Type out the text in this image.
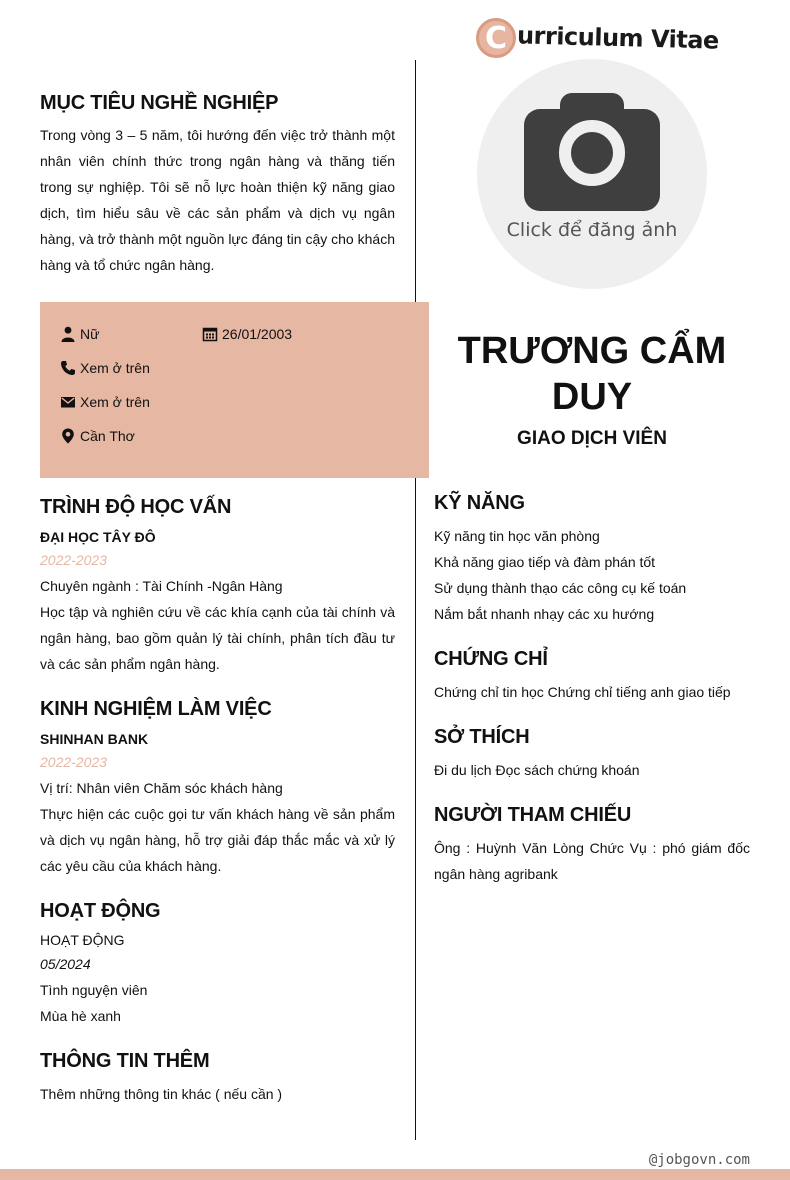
C urriculum Vitae
Click để đăng ảnh
MỤC TIÊU NGHỀ NGHIỆP
Trong vòng 3 – 5 năm, tôi hướng đến việc trở thành một nhân viên chính thức trong ngân hàng và thăng tiến trong sự nghiệp. Tôi sẽ nỗ lực hoàn thiện kỹ năng giao dịch, tìm hiểu sâu về các sản phẩm và dịch vụ ngân hàng, và trở thành một nguồn lực đáng tin cậy cho khách hàng và tổ chức ngân hàng.
Nữ	26/01/2003
Xem ở trên
Xem ở trên
Cần Thơ
TRƯƠNG CẨM DUY
GIAO DỊCH VIÊN
TRÌNH ĐỘ HỌC VẤN
ĐẠI HỌC TÂY ĐÔ
2022-2023
Chuyên ngành : Tài Chính -Ngân Hàng
Học tập và nghiên cứu về các khía cạnh của tài chính và ngân hàng, bao gồm quản lý tài chính, phân tích đầu tư và các sản phẩm ngân hàng.
KINH NGHIỆM LÀM VIỆC
SHINHAN BANK
2022-2023
Vị trí: Nhân viên Chăm sóc khách hàng
Thực hiện các cuộc gọi tư vấn khách hàng về sản phẩm và dịch vụ ngân hàng, hỗ trợ giải đáp thắc mắc và xử lý các yêu cầu của khách hàng.
HOẠT ĐỘNG
HOẠT ĐỘNG
05/2024
Tình nguyện viên
Mùa hè xanh
THÔNG TIN THÊM
Thêm những thông tin khác ( nếu cần )
KỸ NĂNG
Kỹ năng tin học văn phòng
Khả năng giao tiếp và đàm phán tốt
Sử dụng thành thạo các công cụ kế toán
Nắm bắt nhanh nhạy các xu hướng
CHỨNG CHỈ
Chứng chỉ tin học Chứng chỉ tiếng anh giao tiếp
SỞ THÍCH
Đi du lịch Đọc sách chứng khoán
NGƯỜI THAM CHIẾU
Ông : Huỳnh Văn Lòng Chức Vụ : phó giám đốc ngân hàng agribank
@jobgovn.com
